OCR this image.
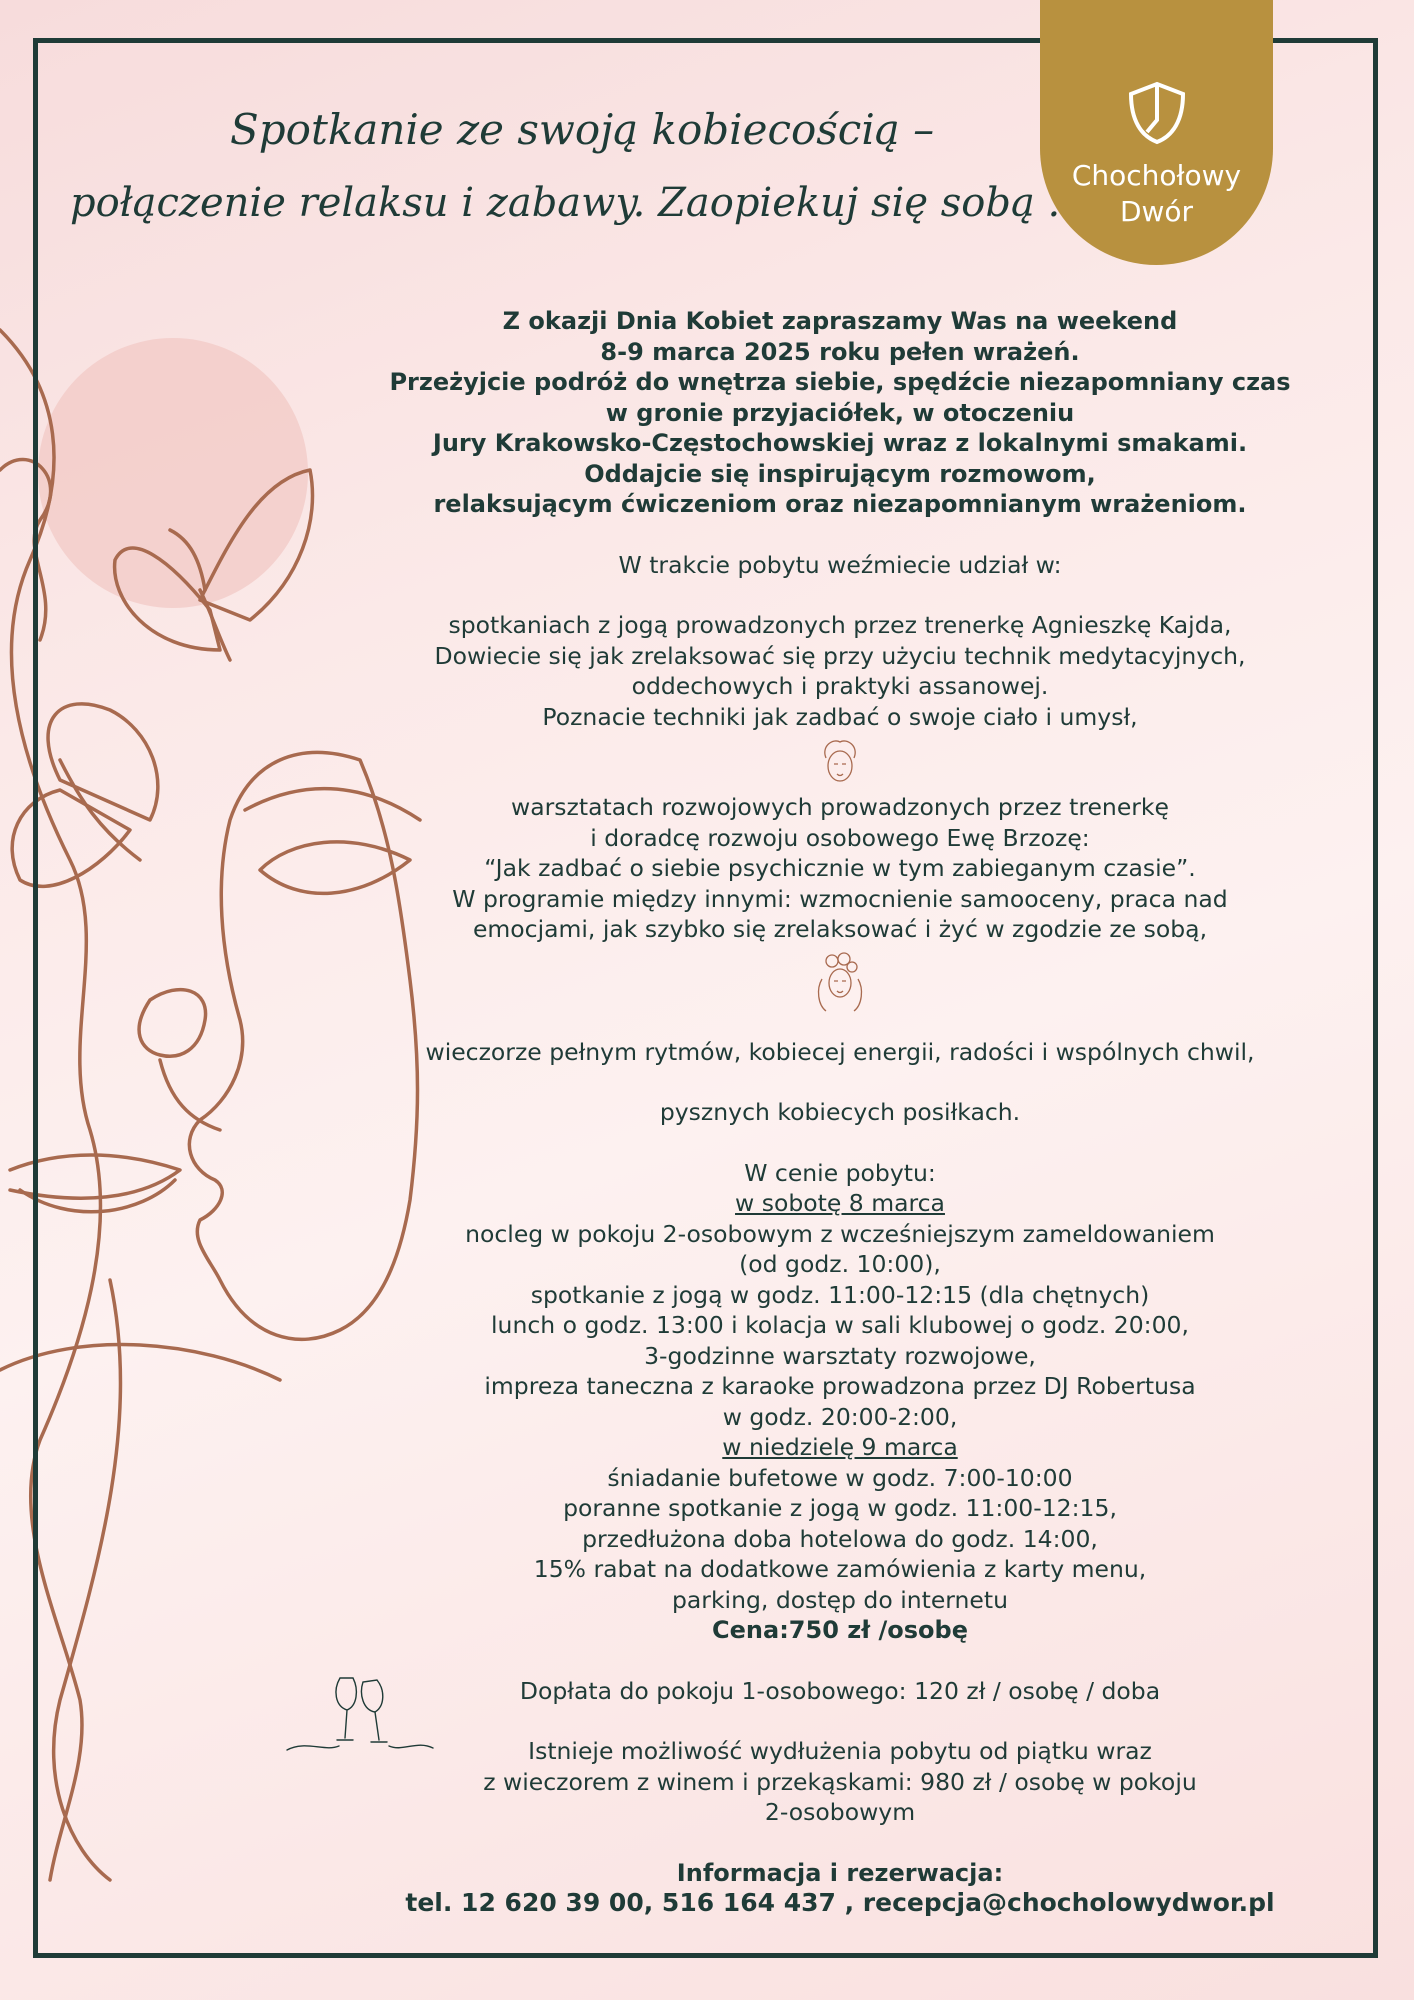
Chochołowy
Dwór
Spotkanie ze swoją kobiecością –
połączenie relaksu i zabawy. Zaopiekuj się sobą .
Z okazji Dnia Kobiet zapraszamy Was na weekend
8-9 marca 2025 roku pełen wrażeń.
Przeżyjcie podróż do wnętrza siebie, spędźcie niezapomniany czas
w gronie przyjaciółek, w otoczeniu
Jury Krakowsko-Częstochowskiej wraz z lokalnymi smakami.
Oddajcie się inspirującym rozmowom,
relaksującym ćwiczeniom oraz niezapomnianym wrażeniom.
W trakcie pobytu weźmiecie udział w:
spotkaniach z jogą prowadzonych przez trenerkę Agnieszkę Kajda,
Dowiecie się jak zrelaksować się przy użyciu technik medytacyjnych,
oddechowych i praktyki assanowej.
Poznacie techniki jak zadbać o swoje ciało i umysł,
warsztatach rozwojowych prowadzonych przez trenerkę
i doradcę rozwoju osobowego Ewę Brzozę:
“Jak zadbać o siebie psychicznie w tym zabieganym czasie”.
W programie między innymi: wzmocnienie samooceny, praca nad
emocjami, jak szybko się zrelaksować i żyć w zgodzie ze sobą,
wieczorze pełnym rytmów, kobiecej energii, radości i wspólnych chwil,
pysznych kobiecych posiłkach.
W cenie pobytu:
w sobotę 8 marca
nocleg w pokoju 2-osobowym z wcześniejszym zameldowaniem
(od godz. 10:00),
spotkanie z jogą w godz. 11:00-12:15 (dla chętnych)
lunch o godz. 13:00 i kolacja w sali klubowej o godz. 20:00,
3-godzinne warsztaty rozwojowe,
impreza taneczna z karaoke prowadzona przez DJ Robertusa
w godz. 20:00-2:00,
w niedzielę 9 marca
śniadanie bufetowe w godz. 7:00-10:00
poranne spotkanie z jogą w godz. 11:00-12:15,
przedłużona doba hotelowa do godz. 14:00,
15% rabat na dodatkowe zamówienia z karty menu,
parking, dostęp do internetu
Cena:750 zł /osobę
Dopłata do pokoju 1-osobowego: 120 zł / osobę / doba
Istnieje możliwość wydłużenia pobytu od piątku wraz
z wieczorem z winem i przekąskami: 980 zł / osobę w pokoju
2-osobowym
Informacja i rezerwacja:
tel. 12 620 39 00, 516 164 437 , recepcja@chocholowydwor.pl
